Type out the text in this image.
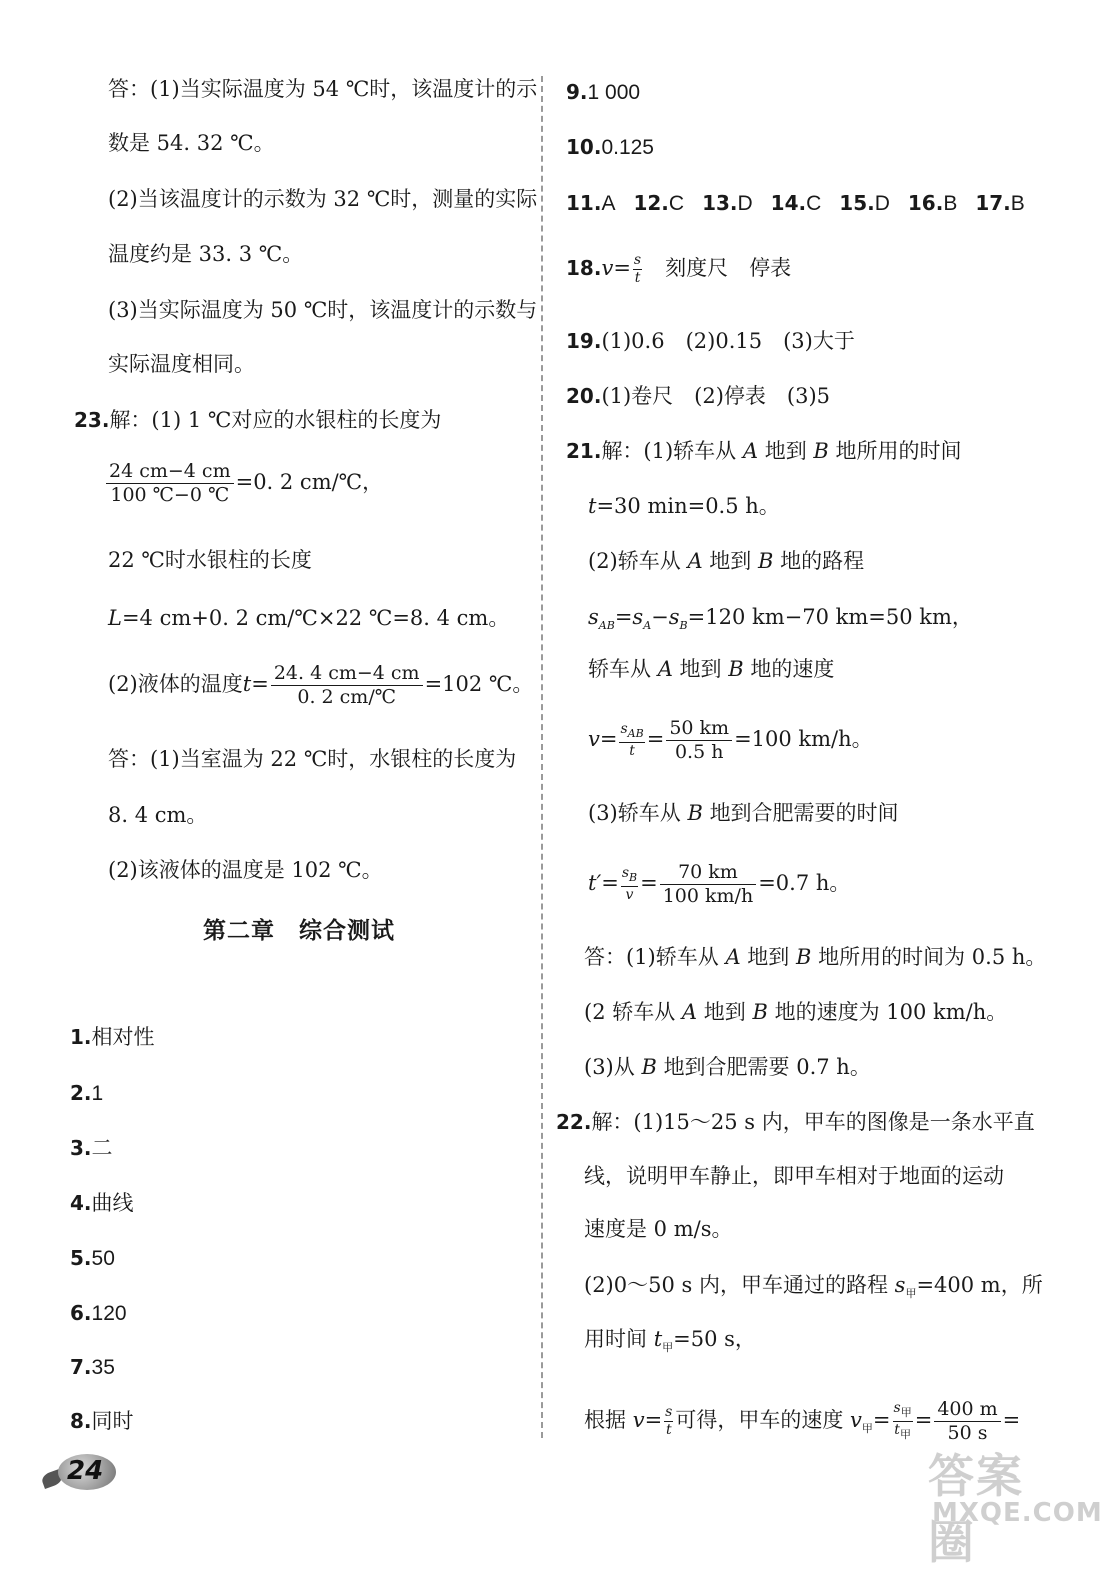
答：(1)当实际温度为 54 ℃时，该温度计的示
数是 54. 32 ℃。
(2)当该温度计的示数为 32 ℃时，测量的实际
温度约是 33. 3 ℃。
(3)当实际温度为 50 ℃时，该温度计的示数与
实际温度相同。
23.解：(1) 1 ℃对应的水银柱的长度为
$\frac{24 cm-4 cm}{100 ℃-0 ℃} =0$. 2 cm/℃，
22 ℃时水银柱的长度
L=4 cm+0. 2 cm/℃×22 ℃=8. 4 cm。
(2)液体的温度$t= \frac{24. 4 cm-4 cm}{0. 2 cm/℃} =102$ ℃。
答：(1)当室温为 22 ℃时，水银柱的长度为
8. 4 cm。
(2)该液体的温度是 102 ℃。
第二章　综合测试
1.相对性
2.1
3.二
4.曲线
5.50
6.120
7.35
8.同时
9.1 000
10.0.125
11.A 12.C 13.D 14.C 15.D 16.B 17.B
$18.v= \frac{s}{t}$ 　刻度尺　停表
19.(1)0.6　(2)0.15　(3)大于
20.(1)卷尺　(2)停表　(3)5
21.解：(1)轿车从 A 地到 B 地所用的时间
t=30 min=0.5 h。
(2)轿车从 A 地到 B 地的路程
$s_{AB}=s_A-s_B=120$ km−70 km=50 km，
轿车从 A 地到 B 地的速度
$v= \frac{s_{AB}}{t} = \frac{50 km}{0.5 h} =100$ km/h。
(3)轿车从 B 地到合肥需要的时间
$t'= \frac{s_B}{v} = \frac{70 km}{100 km/h} =0.7$ h。
答：(1)轿车从 A 地到 B 地所用的时间为 0.5 h。
(2 轿车从 A 地到 B 地的速度为 100 km/h。
(3)从 B 地到合肥需要 0.7 h。
22.解：(1)15～25 s 内，甲车的图像是一条水平直
线，说明甲车静止，即甲车相对于地面的运动
速度是 0 m/s。
(2)0～50 s 内，甲车通过的路程 $s_甲=400$ m，所
用时间 $t_甲=50$ s，
根据 $v= \frac{s}{t}$ 可得，甲车的速度 $v_甲= \frac{s_甲}{t_甲} = \frac{400 m}{50 s}$ =
24	答案圈
MXQE.COM
